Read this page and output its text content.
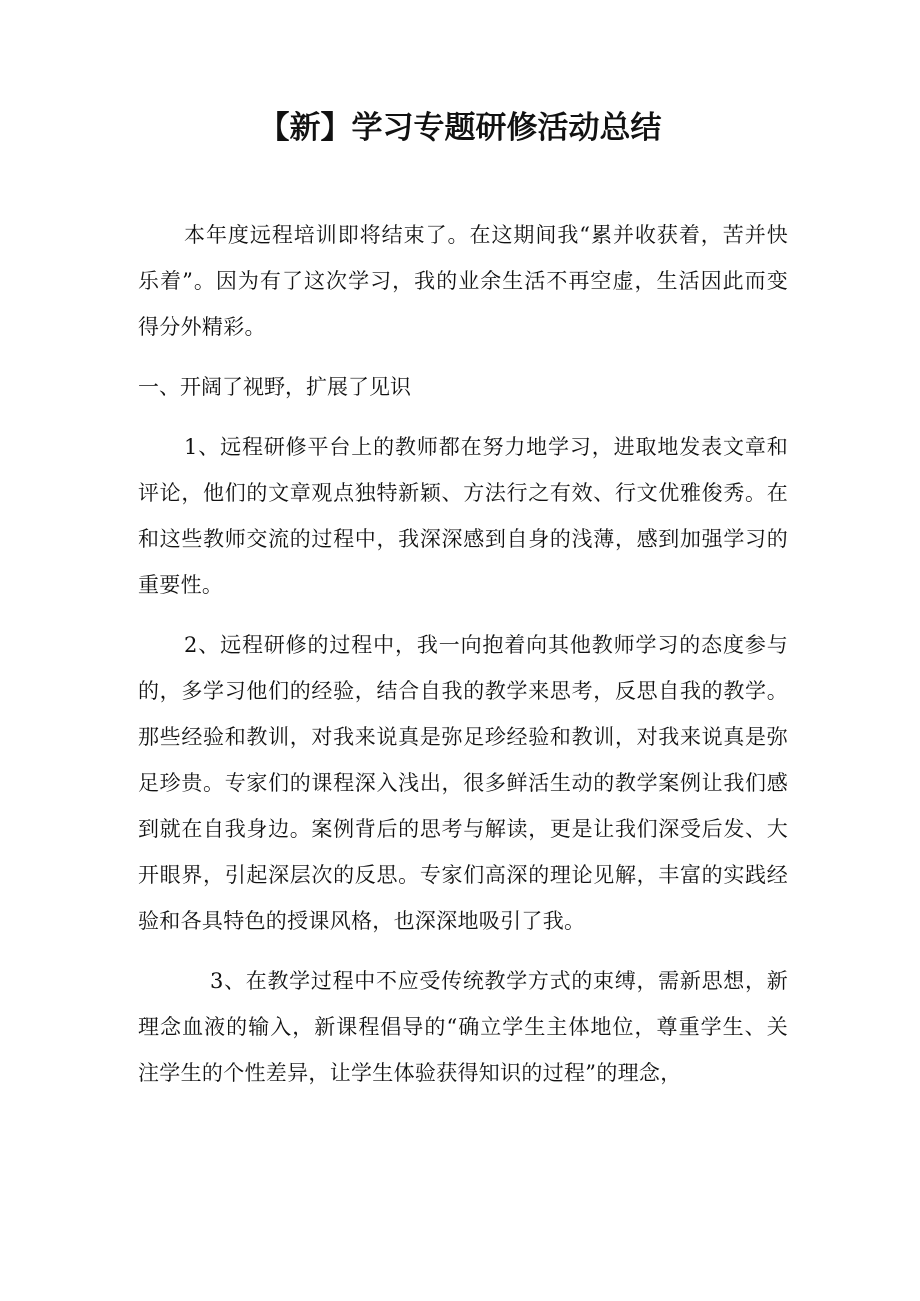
【新】学习专题研修活动总结

本年度远程培训即将结束了。在这期间我“累并收获着，苦并快乐着”。因为有了这次学习，我的业余生活不再空虚，生活因此而变得分外精彩。

一、开阔了视野，扩展了见识

1、远程研修平台上的教师都在努力地学习，进取地发表文章和评论，他们的文章观点独特新颖、方法行之有效、行文优雅俊秀。在和这些教师交流的过程中，我深深感到自身的浅薄，感到加强学习的重要性。

2、远程研修的过程中，我一向抱着向其他教师学习的态度参与的，多学习他们的经验，结合自我的教学来思考，反思自我的教学。那些经验和教训，对我来说真是弥足珍经验和教训，对我来说真是弥足珍贵。专家们的课程深入浅出，很多鲜活生动的教学案例让我们感到就在自我身边。案例背后的思考与解读，更是让我们深受后发、大开眼界，引起深层次的反思。专家们高深的理论见解，丰富的实践经验和各具特色的授课风格，也深深地吸引了我。

3、在教学过程中不应受传统教学方式的束缚，需新思想，新理念血液的输入，新课程倡导的“确立学生主体地位，尊重学生、关注学生的个性差异，让学生体验获得知识的过程”的理念，
